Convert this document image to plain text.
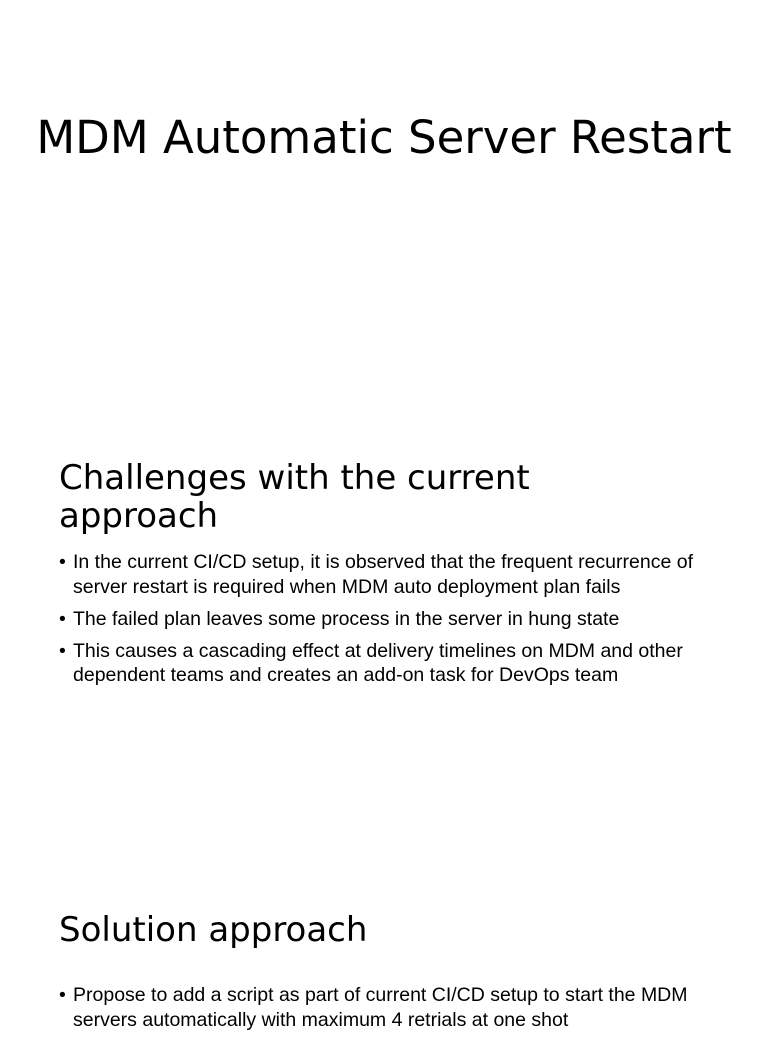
MDM Automatic Server Restart
Challenges with the current approach
• In the current CI/CD setup, it is observed that the frequent recurrence of server restart is required when MDM auto deployment plan fails
• The failed plan leaves some process in the server in hung state
• This causes a cascading effect at delivery timelines on MDM and other dependent teams and creates an add-on task for DevOps team
Solution approach
• Propose to add a script as part of current CI/CD setup to start the MDM servers automatically with maximum 4 retrials at one shot
